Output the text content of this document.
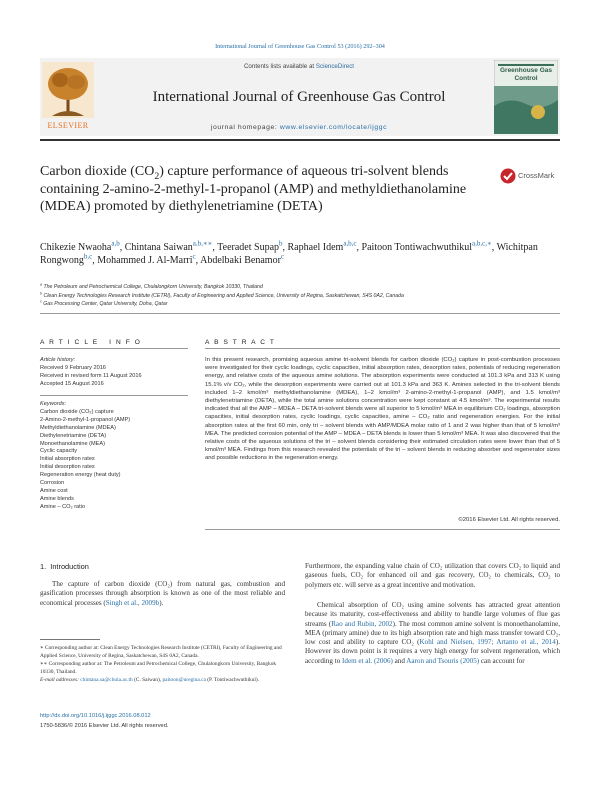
International Journal of Greenhouse Gas Control 53 (2016) 292–304
ELSEVIER
Contents lists available at ScienceDirect
International Journal of Greenhouse Gas Control
journal homepage: www.elsevier.com/locate/ijggc
Greenhouse Gas Control
Carbon dioxide $(CO_2)$ capture performance of aqueous tri-solvent blends containing 2-amino-2-methyl-1-propanol (AMP) and methyldiethanolamine (MDEA) promoted by diethylenetriamine (DETA)
CrossMark
Chikezie Nwaoha$^{a,b}$, Chintana Saiwan$^{a,b,∗∗}$, Teeradet Supap$^b$, Raphael Idem$^{a,b,c}$, Paitoon Tontiwachwuthikul$^{a,b,c,∗}$, Wichitpan Rongwong$^{b,c}$, Mohammed J. Al-Marri$^c$, Abdelbaki Benamor$^c$
$^a$ The Petroleum and Petrochemical College, Chulalongkorn University, Bangkok 10330, Thailand
$^b$ Clean Energy Technologies Research Institute (CETRI), Faculty of Engineering and Applied Science, University of Regina, Saskatchewan, S4S 0A2, Canada
$^c$ Gas Processing Center, Qatar University, Doha, Qatar
A R T I C L E   I N F O	A B S T R A C T
Article history:
Received 9 February 2016
Received in revised form 11 August 2016
Accepted 15 August 2016
Keywords:
Carbon dioxide (CO₂) capture
2-Amino-2-methyl-1-propanol (AMP)
Methyldiethanolamine (MDEA)
Diethylenetriamine (DETA)
Monoethanolamine (MEA)
Cyclic capacity
Initial absorption rates
Initial desorption rates
Regeneration energy (heat duty)
Corrosion
Amine cost
Amine blends
Amine – CO₂ ratio
In this present research, promising aqueous amine tri-solvent blends for carbon dioxide (CO₂) capture in post-combustion processes were investigated for their cyclic loadings, cyclic capacities, initial absorption rates, desorption rates, potentials of reducing regeneration energy, and relative costs of the aqueous amine solutions. The absorption experiments were conducted at 101.3 kPa and 313 K using 15.1% v/v CO₂, while the desorption experiments were carried out at 101.3 kPa and 363 K. Amines selected in the tri-solvent blends included 1–2 kmol/m³ methyldiethanolamine (MDEA), 1–2 kmol/m³ 2-amino-2-methyl-1-propanol (AMP), and 1.5 kmol/m³ diethylenetriamine (DETA), while the total amine solutions concentration were kept constant at 4.5 kmol/m³. The experimental results indicated that all the AMP – MDEA – DETA tri-solvent blends were all superior to 5 kmol/m³ MEA in equilibrium CO₂ loadings, absorption capacities, initial desorption rates, cyclic loadings, cyclic capacities, amine – CO₂ ratio and regeneration energies. For the initial absorption rates at the first 60 min, only tri – solvent blends with AMP/MDEA molar ratio of 1 and 2 was higher than that of 5 kmol/m³ MEA. The predicted corrosion potential of the AMP – MDEA – DETA blends is lower than 5 kmol/m³ MEA. It was also discovered that the relative costs of the aqueous solutions of the tri – solvent blends considering their estimated circulation rates were lower than that of 5 kmol/m³ MEA. Findings from this research revealed the potentials of the tri – solvent blends in reducing absorber and regenerator sizes and possible reductions in the regeneration energy.
©2016 Elsevier Ltd. All rights reserved.
1.  Introduction

The capture of carbon dioxide (CO₂) from natural gas, combustion and gasification processes through absorption is known as one of the most reliable and economical processes (Singh et al., 2009b).

Furthermore, the expanding value chain of CO₂ utilization that covers CO₂ to liquid and gaseous fuels, CO₂ for enhanced oil and gas recovery, CO₂ to chemicals, CO₂ to polymers etc. will serve as a great incentive and motivation.

Chemical absorption of CO₂ using amine solvents has attracted great attention because its maturity, cost-effectiveness and ability to handle large volumes of flue gas streams (Rao and Rubin, 2002). The most common amine solvent is monoethanolamine, MEA (primary amine) due to its high absorption rate and high mass transfer toward CO₂, low cost and ability to capture CO₂ (Kohl and Nielsen, 1997; Artanto et al., 2014). However its down point is it requires a very high energy for solvent regeneration, which according to Idem et al. (2006) and Aaron and Tsouris (2005) can account for

∗ Corresponding author at: Clean Energy Technologies Research Institute (CETRI), Faculty of Engineering and Applied Science, University of Regina, Saskatchewan, S4S 0A2, Canada.

∗∗ Corresponding author at: The Petroleum and Petrochemical College, Chulalongkorn University, Bangkok 10330, Thailand.

E-mail addresses: chintana.sa@chula.ac.th (C. Saiwan), paitoon@uregina.ca (P. Tontiwachwuthikul).

http://dx.doi.org/10.1016/j.ijggc.2016.08.012
1750-5836/© 2016 Elsevier Ltd. All rights reserved.
